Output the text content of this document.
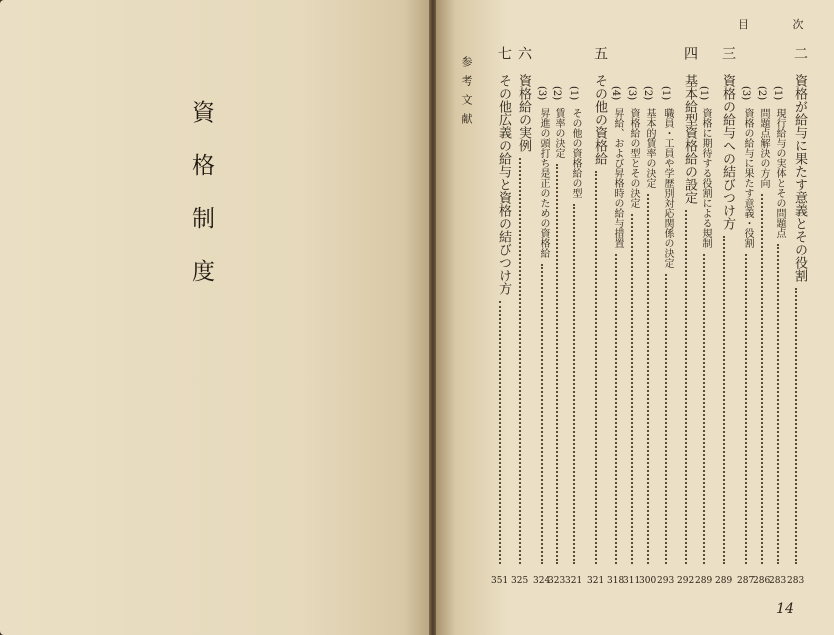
資格制度
目 次
二
資格が給与に果たす意義とその役割
283
(1)
現行給与の実体とその問題点
283
(2)
問題点解決の方向
286
(3)
資格の給与に果たす意義・役割
287
三
資格の給与への結びつけ方
289
(1)
資格に期待する役割による規制
289
四
基本給型資格給の設定
292
(1)
職員・工員や学歴別対応関係の決定
293
(2)
基本的賃率の決定
300
(3)
資格給の型とその決定
311
(4)
昇給、および昇格時の給与措置
318
五
その他の資格給
321
(1)
その他の資格給の型
321
(2)
賃率の決定
323
(3)
昇進の頭打ち是正のための資格給
324
六
資格給の実例
325
七
その他広義の給与と資格の結びつけ方
351
参考文献
14
